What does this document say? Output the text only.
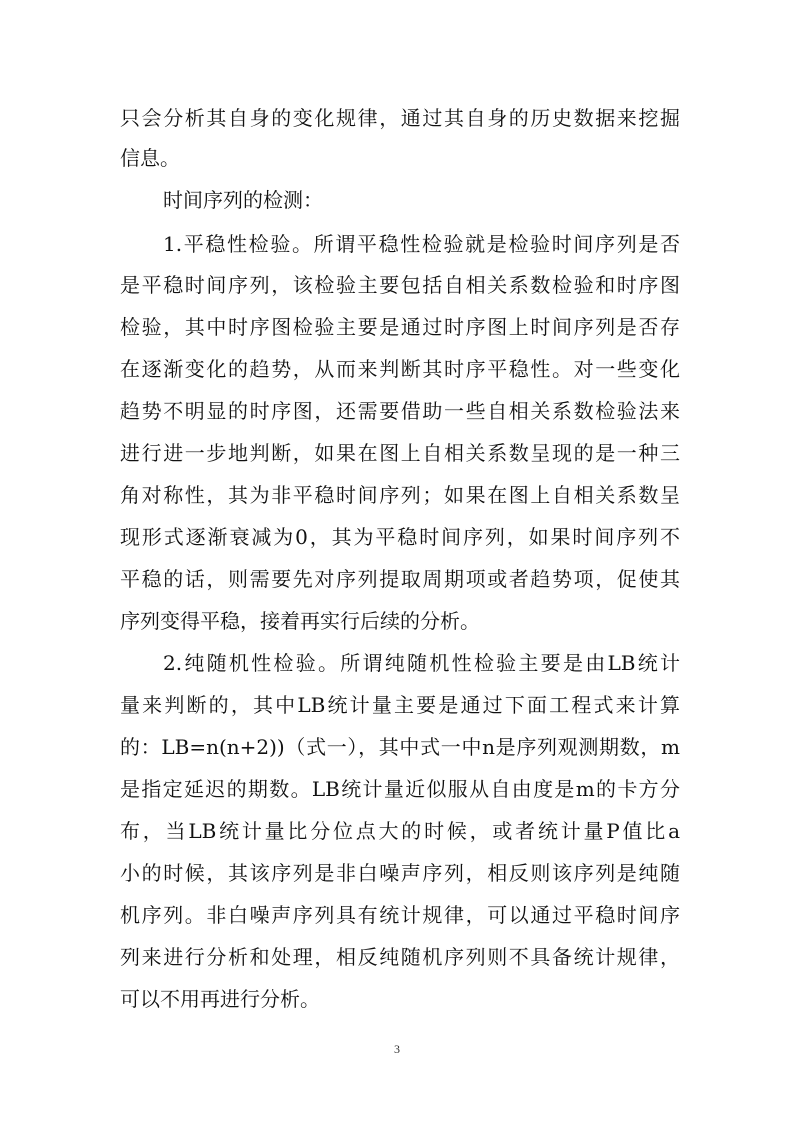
只会分析其自身的变化规律，通过其自身的历史数据来挖掘
信息。
时间序列的检测：
1.平稳性检验。所谓平稳性检验就是检验时间序列是否
是平稳时间序列，该检验主要包括自相关系数检验和时序图
检验，其中时序图检验主要是通过时序图上时间序列是否存
在逐渐变化的趋势，从而来判断其时序平稳性。对一些变化
趋势不明显的时序图，还需要借助一些自相关系数检验法来
进行进一步地判断，如果在图上自相关系数呈现的是一种三
角对称性，其为非平稳时间序列；如果在图上自相关系数呈
现形式逐渐衰减为0，其为平稳时间序列，如果时间序列不
平稳的话，则需要先对序列提取周期项或者趋势项，促使其
序列变得平稳，接着再实行后续的分析。
2.纯随机性检验。所谓纯随机性检验主要是由LB统计
量来判断的，其中LB统计量主要是通过下面工程式来计算
的：LB=n(n+2))（式一），其中式一中n是序列观测期数，m
是指定延迟的期数。LB统计量近似服从自由度是m的卡方分
布，当LB统计量比分位点大的时候，或者统计量P值比a
小的时候，其该序列是非白噪声序列，相反则该序列是纯随
机序列。非白噪声序列具有统计规律，可以通过平稳时间序
列来进行分析和处理，相反纯随机序列则不具备统计规律，
可以不用再进行分析。
3
